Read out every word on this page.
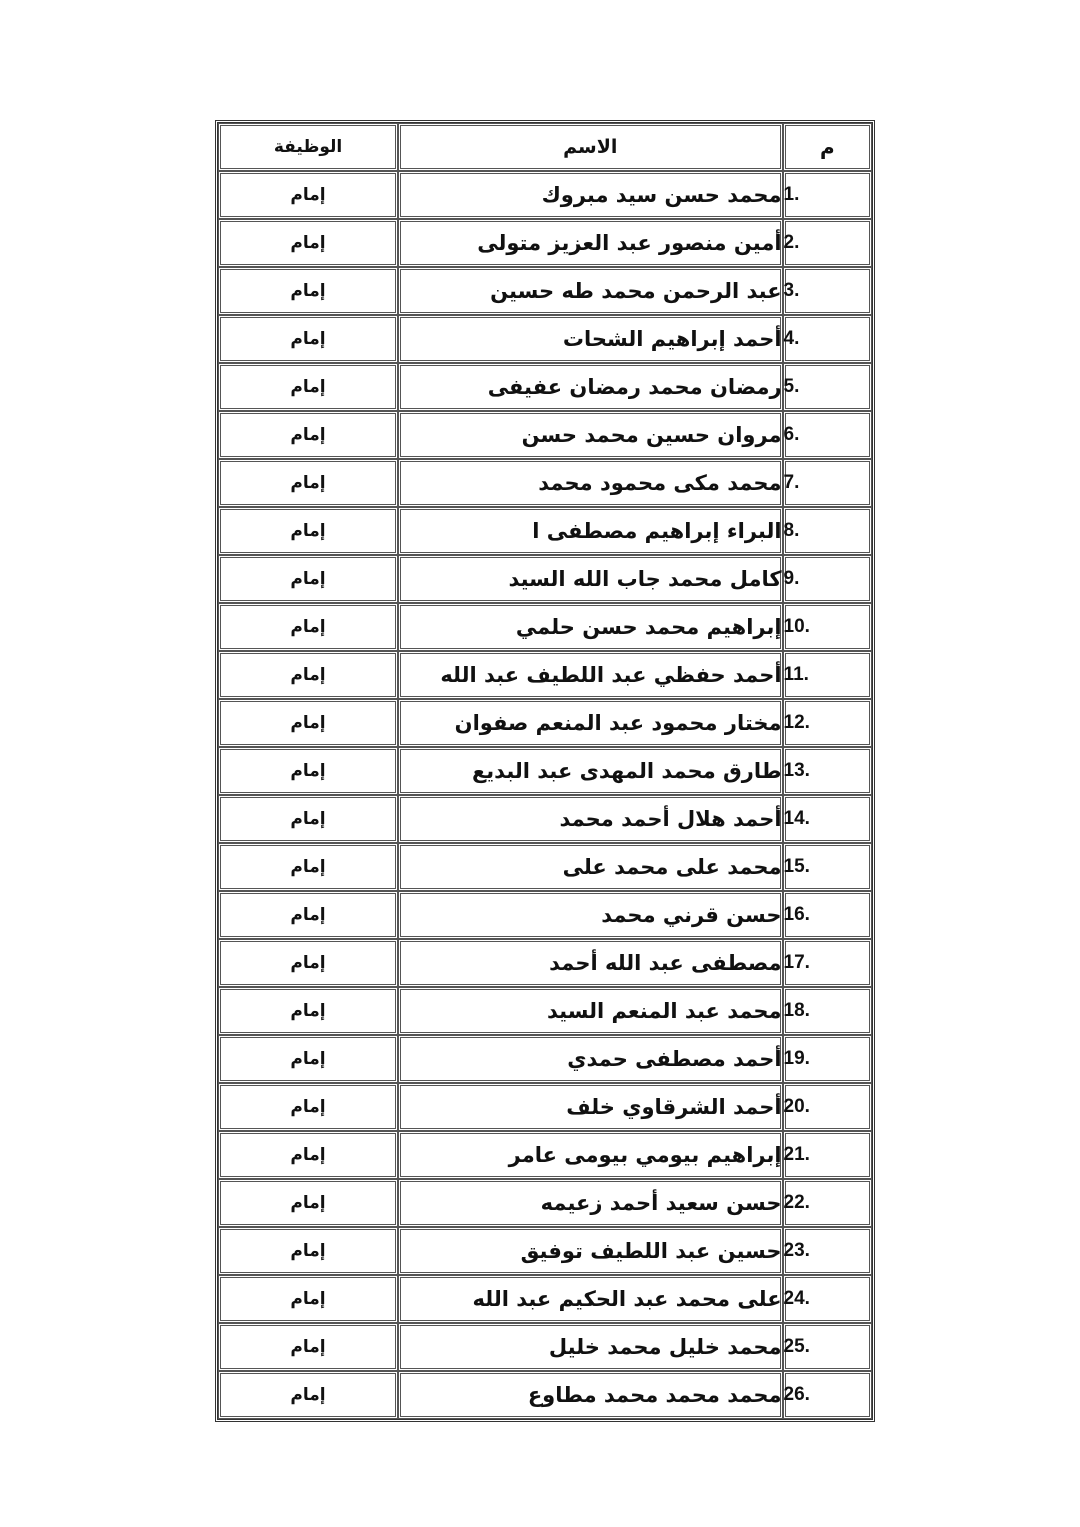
م	الاسم	الوظيفة
1.	محمد حسن سيد مبروك	إمام
2.	أمين منصور عبد العزيز متولى	إمام
3.	عبد الرحمن محمد طه حسين	إمام
4.	أحمد إبراهيم الشحات	إمام
5.	رمضان محمد رمضان عفيفى	إمام
6.	مروان حسين محمد حسن	إمام
7.	محمد مكى محمود محمد	إمام
8.	البراء إبراهيم مصطفى ا	إمام
9.	كامل محمد جاب الله السيد	إمام
10.	إبراهيم محمد حسن حلمي	إمام
11.	أحمد حفظي عبد اللطيف عبد الله	إمام
12.	مختار محمود عبد المنعم صفوان	إمام
13.	طارق محمد المهدى عبد البديع	إمام
14.	أحمد هلال أحمد محمد	إمام
15.	محمد على محمد على	إمام
16.	حسن قرني محمد	إمام
17.	مصطفى عبد الله أحمد	إمام
18.	محمد عبد المنعم السيد	إمام
19.	أحمد مصطفى حمدي	إمام
20.	أحمد الشرقاوي خلف	إمام
21.	إبراهيم بيومي بيومى عامر	إمام
22.	حسن سعيد أحمد زعيمه	إمام
23.	حسين عبد اللطيف توفيق	إمام
24.	على محمد عبد الحكيم عبد الله	إمام
25.	محمد خليل محمد خليل	إمام
26.	محمد محمد محمد مطاوع	إمام
